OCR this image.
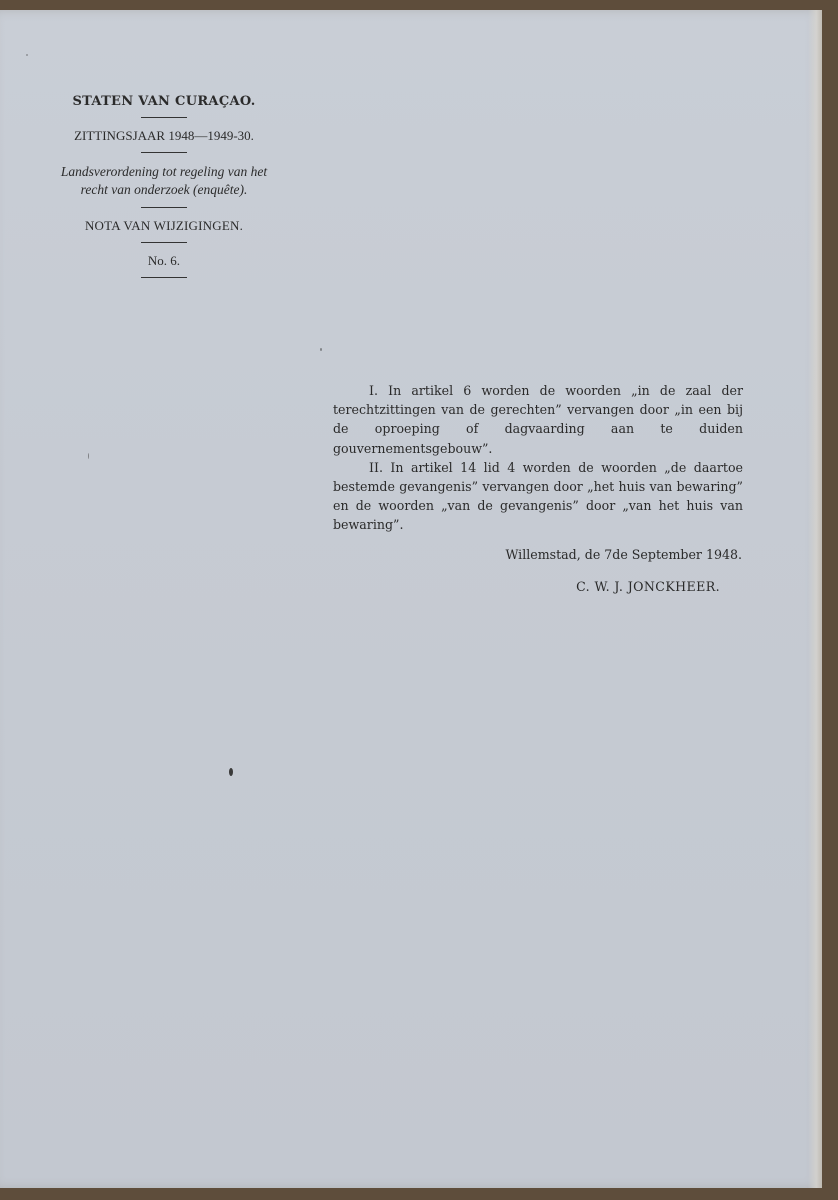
STATEN VAN CURAÇAO.

ZITTINGSJAAR 1948—1949-30.

Landsverordening tot regeling van het

recht van onderzoek (enquête).

NOTA VAN WIJZIGINGEN.

No. 6.

I. In artikel 6 worden de woorden „in de zaal der terechtzittingen van de gerechten” vervangen door „in een bij de oproeping of dagvaarding aan te duiden gouvernementsgebouw”.

II. In artikel 14 lid 4 worden de woorden „de daartoe bestemde gevangenis” vervangen door „het huis van bewaring” en de woorden „van de gevangenis” door „van het huis van bewaring”.

Willemstad, de 7de September 1948.
C. W. J. JONCKHEER.
